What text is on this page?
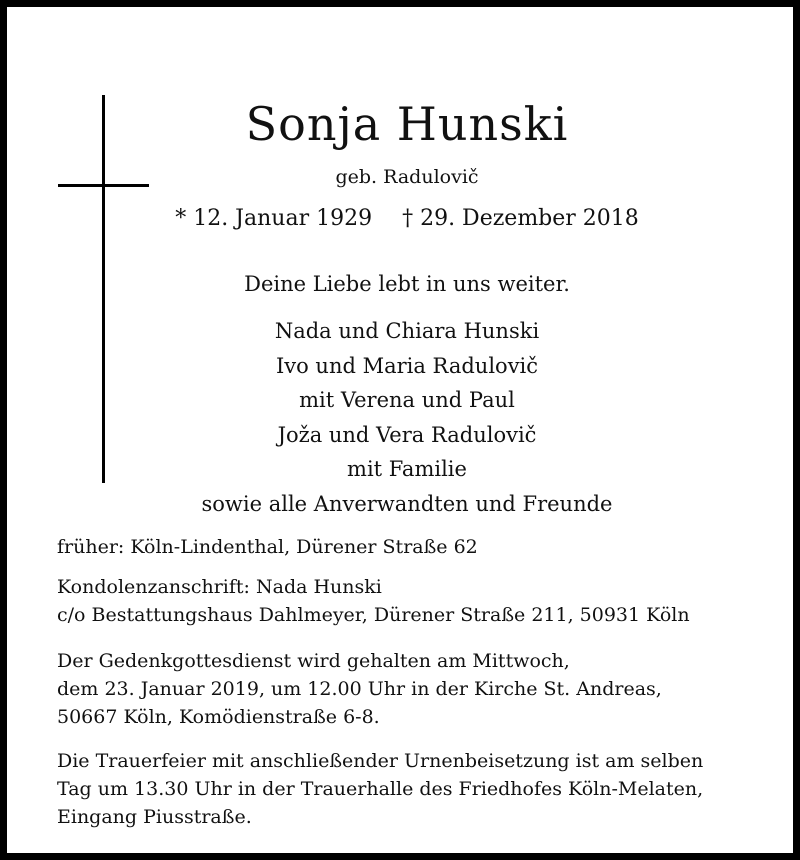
Sonja Hunski
geb. Radulovič
* 12. Januar 1929 † 29. Dezember 2018
Deine Liebe lebt in uns weiter.
Nada und Chiara Hunski
Ivo und Maria Radulovič
mit Verena und Paul
Joža und Vera Radulovič
mit Familie
sowie alle Anverwandten und Freunde
früher: Köln-Lindenthal, Dürener Straße 62
Kondolenzanschrift: Nada Hunski
c/o Bestattungshaus Dahlmeyer, Dürener Straße 211, 50931 Köln
Der Gedenkgottesdienst wird gehalten am Mittwoch,
dem 23. Januar 2019, um 12.00 Uhr in der Kirche St. Andreas,
50667 Köln, Komödienstraße 6-8.
Die Trauerfeier mit anschließender Urnenbeisetzung ist am selben
Tag um 13.30 Uhr in der Trauerhalle des Friedhofes Köln-Melaten,
Eingang Piusstraße.
